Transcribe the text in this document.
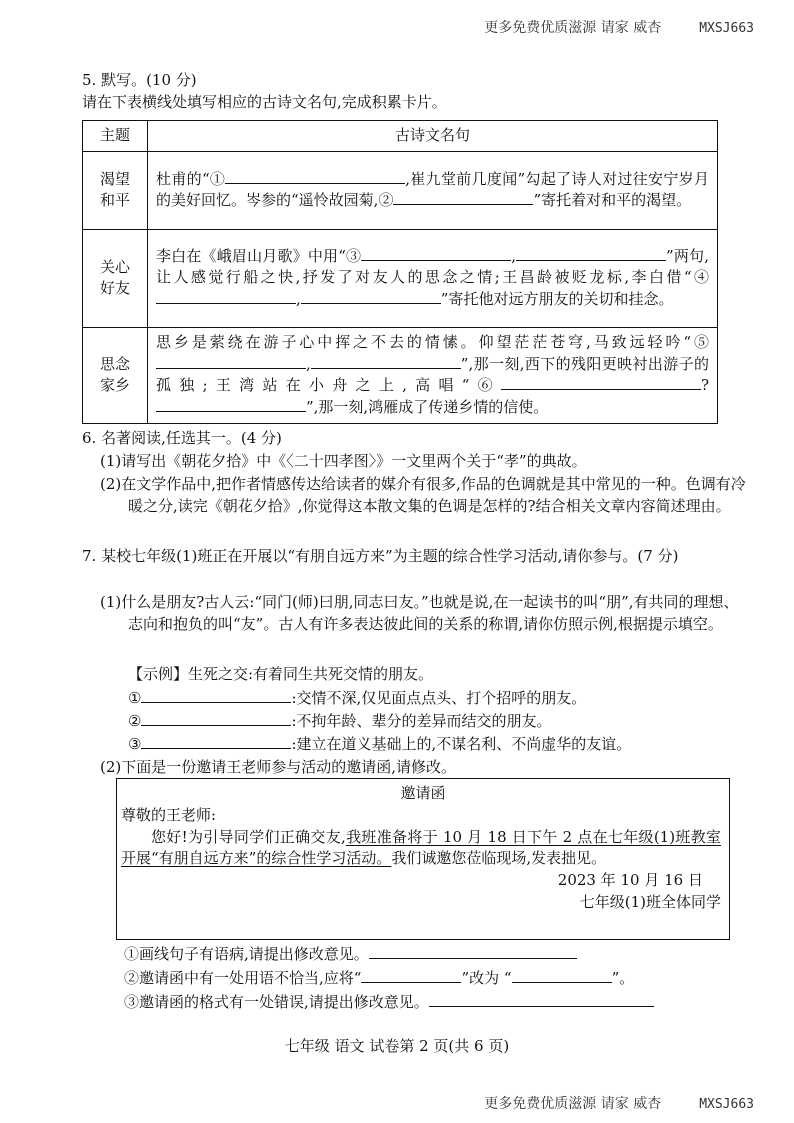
更多免费优质滋源 请家 威杏	MXSJ663
5. 默写。(10 分)
请在下表横线处填写相应的古诗文名句,完成积累卡片。
主题	古诗文名句
渴望
和平	杜甫的“① ,崔九堂前几度闻”勾起了诗人对过往安宁岁月的美好回忆。岑参的“遥怜故园菊,② ”寄托着对和平的渴望。
关心
好友	李白在《峨眉山月歌》中用“③ , ”两句,让人感觉行船之快,抒发了对友人的思念之情;王昌龄被贬龙标,李白借“④, ”寄托他对远方朋友的关切和挂念。
思念
家乡	思乡是萦绕在游子心中挥之不去的情愫。仰望茫茫苍穹,马致远轻吟“⑤, ”,那一刻,西下的残阳更映衬出游子的孤独;王湾站在小舟之上,高唱“⑥ ?”,那一刻,鸿雁成了传递乡情的信使。
6. 名著阅读,任选其一。(4 分)
(1)请写出《朝花夕拾》中《〈二十四孝图〉》一文里两个关于“孝”的典故。
(2)在文学作品中,把作者情感传达给读者的媒介有很多,作品的色调就是其中常见的一种。色调有冷暖之分,读完《朝花夕拾》,你觉得这本散文集的色调是怎样的?结合相关文章内容简述理由。
7. 某校七年级(1)班正在开展以“有朋自远方来”为主题的综合性学习活动,请你参与。(7 分)
(1)什么是朋友?古人云:“同门(师)曰朋,同志曰友。”也就是说,在一起读书的叫“朋”,有共同的理想、志向和抱负的叫“友”。古人有许多表达彼此间的关系的称谓,请你仿照示例,根据提示填空。
【示例】生死之交:有着同生共死交情的朋友。
①	:交情不深,仅见面点点头、打个招呼的朋友。
②	:不拘年龄、辈分的差异而结交的朋友。
③	:建立在道义基础上的,不谋名利、不尚虚华的友谊。
(2)下面是一份邀请王老师参与活动的邀请函,请修改。
邀请函

尊敬的王老师:

您好!为引导同学们正确交友,我班准备将于 10 月 18 日下午 2 点在七年级(1)班教室开展“有朋自远方来”的综合性学习活动。我们诚邀您莅临现场,发表拙见。

2023 年 10 月 16 日

七年级(1)班全体同学

①画线句子有语病,请提出修改意见。
②邀请函中有一处用语不恰当,应将“	”改为 “	”。
③邀请函的格式有一处错误,请提出修改意见。
七年级 语文 试卷第 2 页(共 6 页)
更多免费优质滋源 请家 威杏	MXSJ663
